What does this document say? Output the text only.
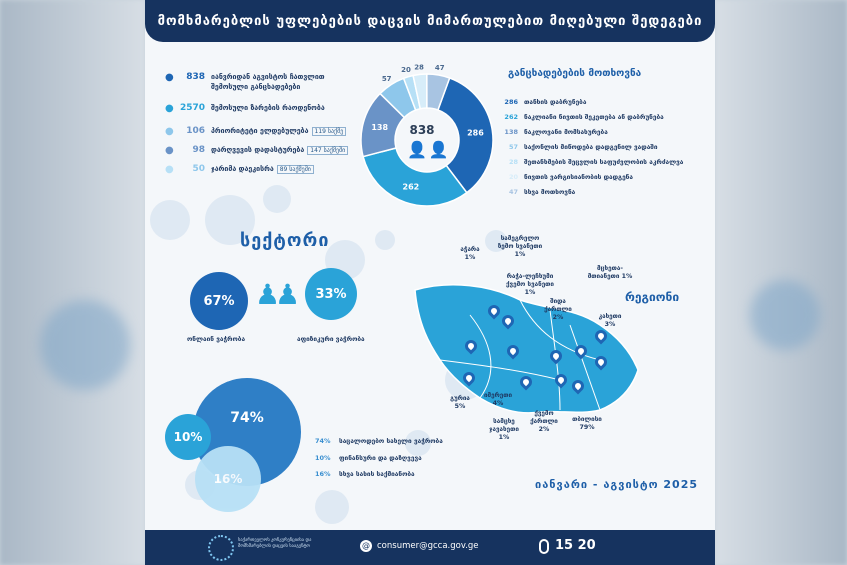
მომხმარებლის უფლებების დაცვის მიმართულებით მიღებული შედეგები
●	838 იანვრიდან აგვისტოს ჩათვლით შემოსული განცხადებები
● 2570 შემოსული ზარების რაოდენობა
●	106 პრიორიტეტი ელდებულება 119 საქმე
●	98 დარღვევის დადასტურება 147 საქმეში
●	50 ჯარიმა დაეკისრა 89 საქმეში
286
262
138
57
20 28 47
838
👤👤
განცხადებების მოთხოვნა
286 თანხის დაბრუნება
262 ნაკლიანი ნივთის შეკეთება ან დაბრუნება
138 ნაკლოვანი მომსახურება
57 საქონლის მიწოდება დადგენილ ვადაში
28 შეთანხმების შეცვლის საფუძვლობის აკრძალვა
20 ნივთის ვარგისიანობის დადგენა
47 სხვა მოთხოვნა
სექტორი
67%	33%
♟
♟
ონლაინ ვაჭრობა	აფიზიკური ვაჭრობა
74%
10%
16%
74%	საცალოდებო სახელი ვაჭრობა
10%	ფინანსური და დაზღვევა
16%	სხვა სახის საქმიანობა
რეგიონი
აჭარა 1%
სამეგრელო ზემო სვანეთი 1%
რაჭა-ლეჩხუმი ქვემო სვანეთი 1%
მცხეთა-მთიანეთი 1%
შიდა ქართლი 2%	კახეთი 3%
გურია 5%
იმერეთი 4%
სამცხე ჯავახეთი 1%
ქვემო ქართლი 2%
თბილისი 79%
იანვარი - აგვისტო 2025
საქართველოს კონკურენციისა და მომხმარებლის დაცვის სააგენტო	@ consumer@gcca.gov.ge	15 20
